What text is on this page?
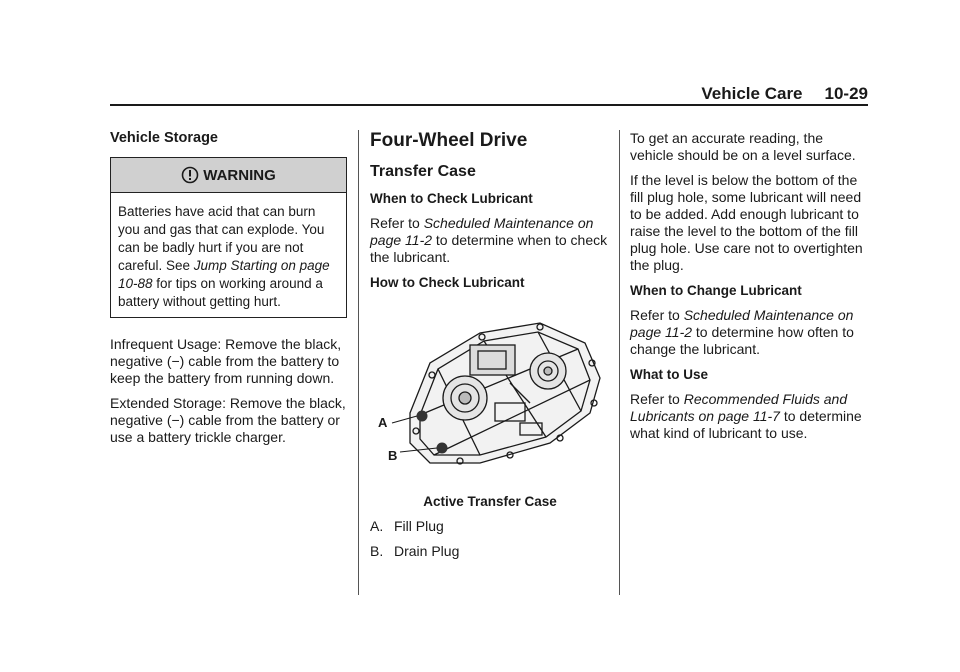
Vehicle Care 10-29
Vehicle Storage
WARNING
Batteries have acid that can burn you and gas that can explode. You can be badly hurt if you are not careful. See Jump Starting on page 10-88 for tips on working around a battery without getting hurt.

Infrequent Usage: Remove the black, negative (−) cable from the battery to keep the battery from running down.

Extended Storage: Remove the black, negative (−) cable from the battery or use a battery trickle charger.

Four-Wheel Drive
Transfer Case
When to Check Lubricant

Refer to Scheduled Maintenance on page 11-2 to determine when to check the lubricant.

How to Check Lubricant
A
B
Active Transfer Case
A. Fill Plug
B. Drain Plug

To get an accurate reading, the vehicle should be on a level surface.

If the level is below the bottom of the fill plug hole, some lubricant will need to be added. Add enough lubricant to raise the level to the bottom of the fill plug hole. Use care not to overtighten the plug.

When to Change Lubricant

Refer to Scheduled Maintenance on page 11-2 to determine how often to change the lubricant.

What to Use

Refer to Recommended Fluids and Lubricants on page 11-7 to determine what kind of lubricant to use.
